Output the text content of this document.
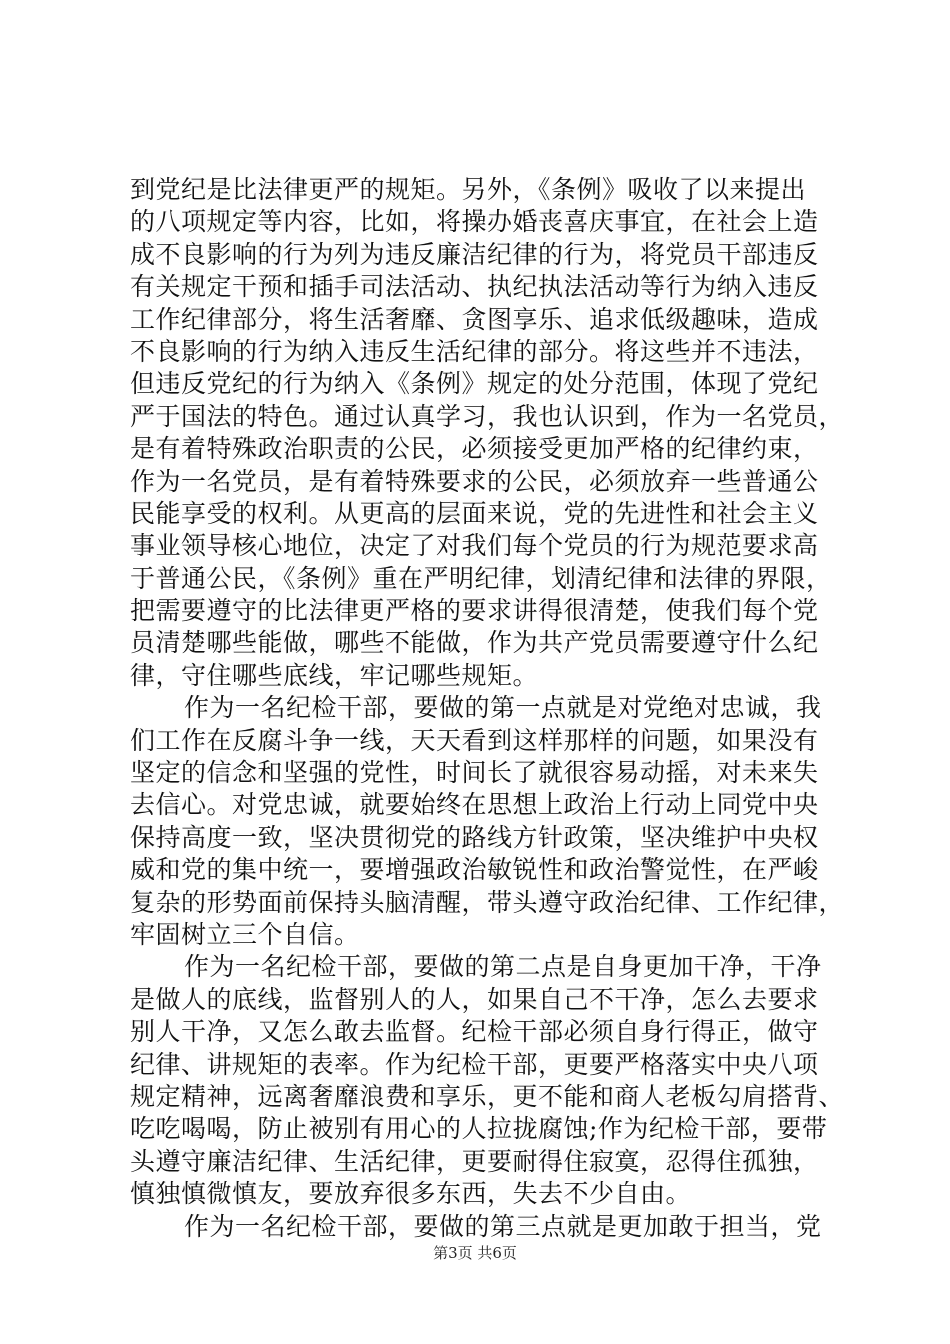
到党纪是比法律更严的规矩。另外，《条例》吸收了以来提出
的八项规定等内容，比如，将操办婚丧喜庆事宜，在社会上造
成不良影响的行为列为违反廉洁纪律的行为，将党员干部违反
有关规定干预和插手司法活动、执纪执法活动等行为纳入违反
工作纪律部分，将生活奢靡、贪图享乐、追求低级趣味，造成
不良影响的行为纳入违反生活纪律的部分。将这些并不违法，
但违反党纪的行为纳入《条例》规定的处分范围，体现了党纪
严于国法的特色。通过认真学习，我也认识到，作为一名党员，
是有着特殊政治职责的公民，必须接受更加严格的纪律约束，
作为一名党员，是有着特殊要求的公民，必须放弃一些普通公
民能享受的权利。从更高的层面来说，党的先进性和社会主义
事业领导核心地位，决定了对我们每个党员的行为规范要求高
于普通公民，《条例》重在严明纪律，划清纪律和法律的界限，
把需要遵守的比法律更严格的要求讲得很清楚，使我们每个党
员清楚哪些能做，哪些不能做，作为共产党员需要遵守什么纪
律，守住哪些底线，牢记哪些规矩。
作为一名纪检干部，要做的第一点就是对党绝对忠诚，我
们工作在反腐斗争一线，天天看到这样那样的问题，如果没有
坚定的信念和坚强的党性，时间长了就很容易动摇，对未来失
去信心。对党忠诚，就要始终在思想上政治上行动上同党中央
保持高度一致，坚决贯彻党的路线方针政策，坚决维护中央权
威和党的集中统一，要增强政治敏锐性和政治警觉性，在严峻
复杂的形势面前保持头脑清醒，带头遵守政治纪律、工作纪律，
牢固树立三个自信。
作为一名纪检干部，要做的第二点是自身更加干净，干净
是做人的底线，监督别人的人，如果自己不干净，怎么去要求
别人干净，又怎么敢去监督。纪检干部必须自身行得正，做守
纪律、讲规矩的表率。作为纪检干部，更要严格落实中央八项
规定精神，远离奢靡浪费和享乐，更不能和商人老板勾肩搭背、
吃吃喝喝，防止被别有用心的人拉拢腐蚀;作为纪检干部，要带
头遵守廉洁纪律、生活纪律，更要耐得住寂寞，忍得住孤独，
慎独慎微慎友，要放弃很多东西，失去不少自由。
作为一名纪检干部，要做的第三点就是更加敢于担当，党
第3页 共6页
